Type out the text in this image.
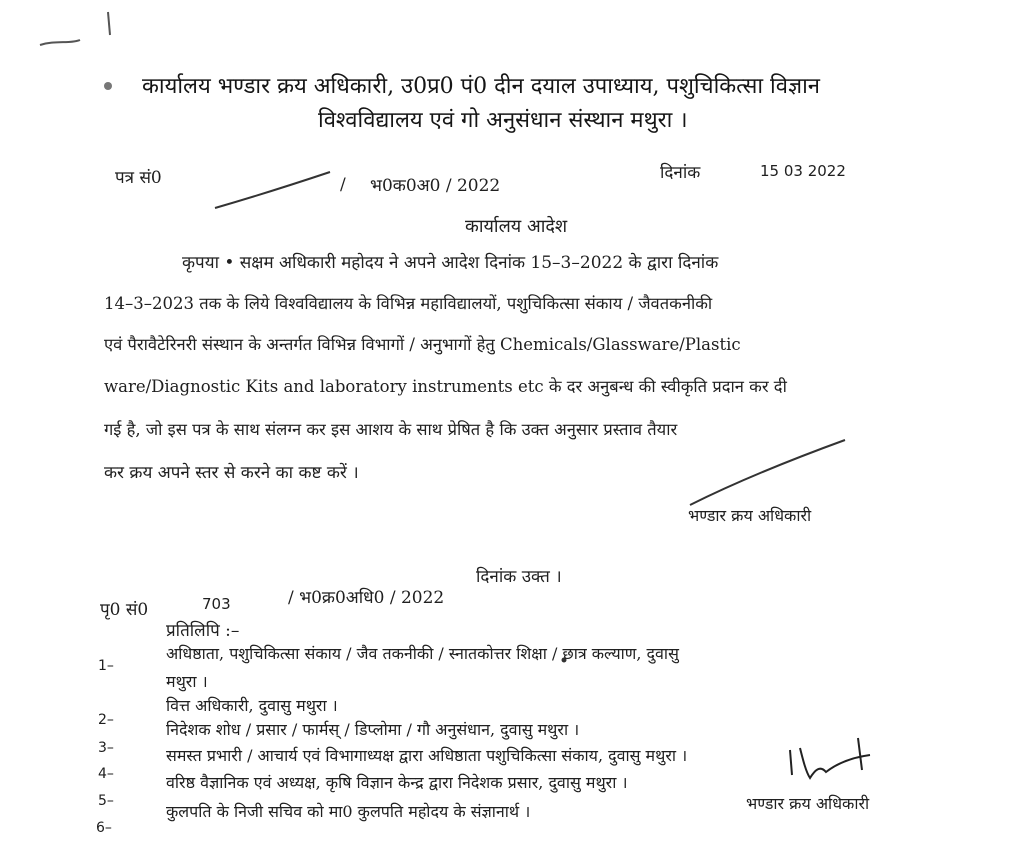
कार्यालय भण्डार क्रय अधिकारी, उ0प्र0 पं0 दीन दयाल उपाध्याय, पशुचिकित्सा विज्ञान
विश्वविद्यालय एवं गो अनुसंधान संस्थान मथुरा ।
पत्र सं0	/ भ0क0अ0 / 2022
दिनांक	15 03 2022
कार्यालय आदेश
कृपया • सक्षम अधिकारी महोदय ने अपने आदेश दिनांक 15–3–2022 के द्वारा दिनांक
14–3–2023 तक के लिये विश्वविद्यालय के विभिन्न महाविद्यालयों, पशुचिकित्सा संकाय / जैवतकनीकी
एवं पैरावैटेरिनरी संस्थान के अन्तर्गत विभिन्न विभागों / अनुभागों हेतु Chemicals/Glassware/Plastic
ware/Diagnostic Kits and laboratory instruments etc के दर अनुबन्ध की स्वीकृति प्रदान कर दी
गई है, जो इस पत्र के साथ संलग्न कर इस आशय के साथ प्रेषित है कि उक्त अनुसार प्रस्ताव तैयार
कर क्रय अपने स्तर से करने का कष्ट करें ।
भण्डार क्रय अधिकारी
पृ0 सं0	703	/ भ0क्र0अधि0 / 2022
दिनांक उक्त ।
प्रतिलिपि :–
1–
2–
3–
4–
5–
6–
अधिष्ठाता, पशुचिकित्सा संकाय / जैव तकनीकी / स्नातकोत्तर शिक्षा / छात्र कल्याण, दुवासु
मथुरा ।
वित्त अधिकारी, दुवासु मथुरा ।
निदेशक शोध / प्रसार / फार्मस् / डिप्लोमा / गौ अनुसंधान, दुवासु मथुरा ।
समस्त प्रभारी / आचार्य एवं विभागाध्यक्ष द्वारा अधिष्ठाता पशुचिकित्सा संकाय, दुवासु मथुरा ।
वरिष्ठ वैज्ञानिक एवं अध्यक्ष, कृषि विज्ञान केन्द्र द्वारा निदेशक प्रसार, दुवासु मथुरा ।
कुलपति के निजी सचिव को मा0 कुलपति महोदय के संज्ञानार्थ ।	भण्डार क्रय अधिकारी
